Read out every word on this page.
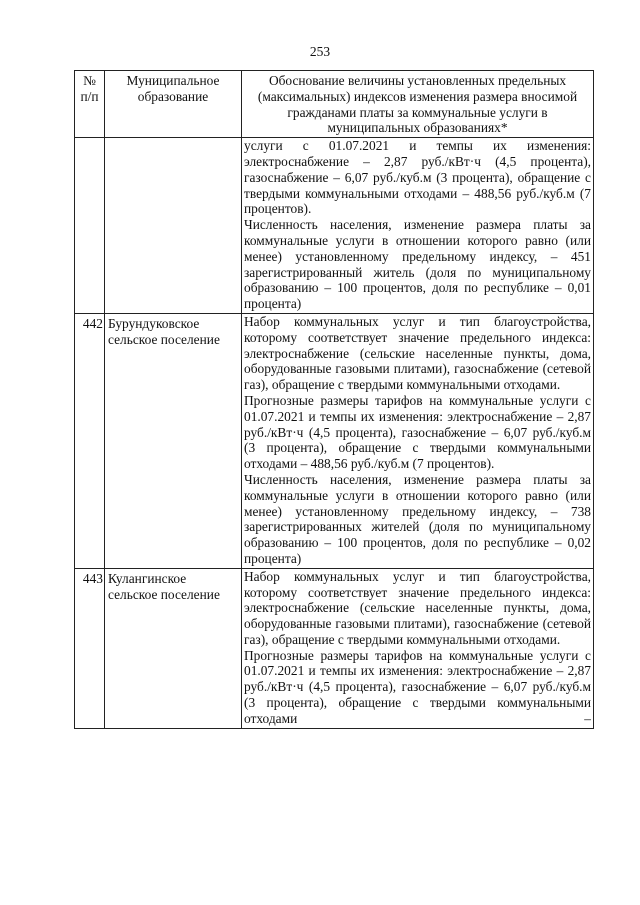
253
№ п/п	Муниципальное образование	Обоснование величины установленных предельных (максимальных) индексов изменения размера вносимой гражданами платы за коммунальные услуги в муниципальных образованиях*

		услуги с 01.07.2021 и темпы их изменения: электроснабжение – 2,87 руб./кВт·ч (4,5 процента), газоснабжение – 6,07 руб./куб.м (3 процента), обращение с твердыми коммунальными отходами – 488,56 руб./куб.м (7 процентов).

Численность населения, изменение размера платы за коммунальные услуги в отношении которого равно (или менее) установленному предельному индексу, – 451 зарегистрированный житель (доля по муниципальному образованию – 100 процентов, доля по республике – 0,01 процента)

442	Бурундуковское сельское поселение	Набор коммунальных услуг и тип благоустройства, которому соответствует значение предельного индекса: электроснабжение (сельские населенные пункты, дома, оборудованные газовыми плитами), газоснабжение (сетевой газ), обращение с твердыми коммунальными отходами.

Прогнозные размеры тарифов на коммунальные услуги с 01.07.2021 и темпы их изменения: электроснабжение – 2,87 руб./кВт·ч (4,5 процента), газоснабжение – 6,07 руб./куб.м (3 процента), обращение с твердыми коммунальными отходами – 488,56 руб./куб.м (7 процентов).

Численность населения, изменение размера платы за коммунальные услуги в отношении которого равно (или менее) установленному предельному индексу, – 738 зарегистрированных жителей (доля по муниципальному образованию – 100 процентов, доля по республике – 0,02 процента)

443	Кулангинское сельское поселение	Набор коммунальных услуг и тип благоустройства, которому соответствует значение предельного индекса: электроснабжение (сельские населенные пункты, дома, оборудованные газовыми плитами), газоснабжение (сетевой газ), обращение с твердыми коммунальными отходами.

Прогнозные размеры тарифов на коммунальные услуги с 01.07.2021 и темпы их изменения: электроснабжение – 2,87 руб./кВт·ч (4,5 процента), газоснабжение – 6,07 руб./куб.м (3 процента), обращение с твердыми коммунальными отходами –
